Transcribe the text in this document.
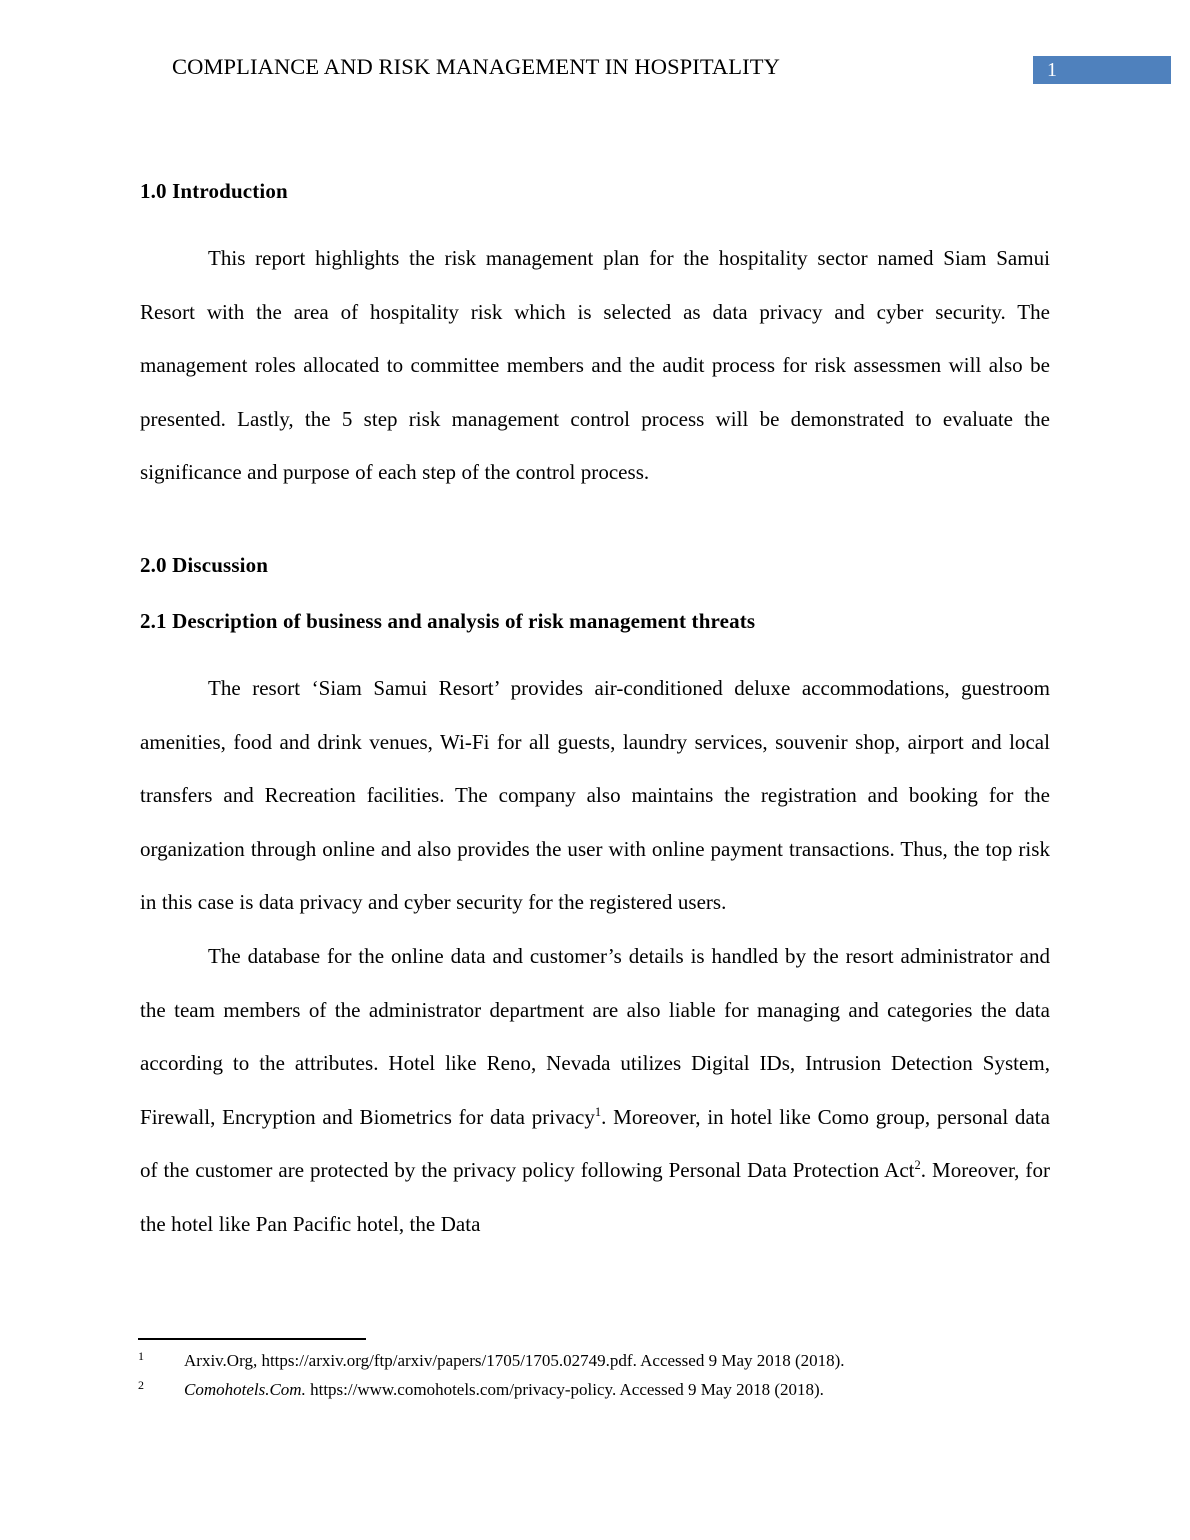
COMPLIANCE AND RISK MANAGEMENT IN HOSPITALITY	1
1.0 Introduction

This report highlights the risk management plan for the hospitality sector named Siam Samui Resort with the area of hospitality risk which is selected as data privacy and cyber security. The management roles allocated to committee members and the audit process for risk assessmen will also be presented. Lastly, the 5 step risk management control process will be demonstrated to evaluate the significance and purpose of each step of the control process.

2.0 Discussion
2.1 Description of business and analysis of risk management threats

The resort ‘Siam Samui Resort’ provides air-conditioned deluxe accommodations, guestroom amenities, food and drink venues, Wi-Fi for all guests, laundry services, souvenir shop, airport and local transfers and Recreation facilities. The company also maintains the registration and booking for the organization through online and also provides the user with online payment transactions. Thus, the top risk in this case is data privacy and cyber security for the registered users.

The database for the online data and customer’s details is handled by the resort administrator and the team members of the administrator department are also liable for managing and categories the data according to the attributes. Hotel like Reno, Nevada utilizes Digital IDs, Intrusion Detection System, Firewall, Encryption and Biometrics for data privacy$^1$. Moreover, in hotel like Como group, personal data of the customer are protected by the privacy policy following Personal Data Protection Act$^2$. Moreover, for the hotel like Pan Pacific hotel, the Data

1 Arxiv.Org, https://arxiv.org/ftp/arxiv/papers/1705/1705.02749.pdf. Accessed 9 May 2018 (2018).
2 Comohotels.Com. https://www.comohotels.com/privacy-policy. Accessed 9 May 2018 (2018).
